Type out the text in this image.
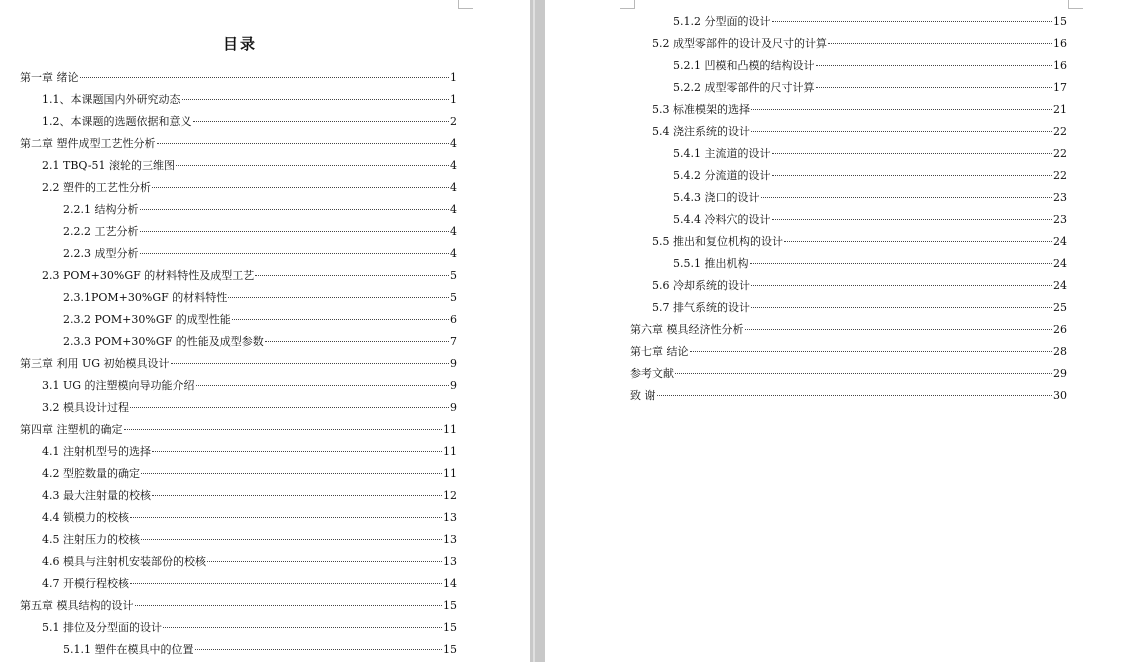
目录
第一章 绪论	1
1.1、本课题国内外研究动态	1
1.2、本课题的选题依据和意义	2
第二章 塑件成型工艺性分析	4
2.1 TBQ-51 滚轮的三维图	4
2.2 塑件的工艺性分析	4
2.2.1 结构分析	4
2.2.2 工艺分析	4
2.2.3 成型分析	4
2.3 POM+30%GF 的材料特性及成型工艺	5
2.3.1POM+30%GF 的材料特性	5
2.3.2 POM+30%GF 的成型性能	6
2.3.3 POM+30%GF 的性能及成型参数	7
第三章 利用 UG 初始模具设计	9
3.1 UG 的注塑模向导功能介绍	9
3.2 模具设计过程	9
第四章 注塑机的确定	11
4.1 注射机型号的选择	11
4.2 型腔数量的确定	11
4.3 最大注射量的校核	12
4.4 锁模力的校核	13
4.5 注射压力的校核	13
4.6 模具与注射机安装部份的校核	13
4.7 开模行程校核	14
第五章 模具结构的设计	15
5.1 排位及分型面的设计	15
5.1.1 塑件在模具中的位置	15
5.1.2 分型面的设计	15
5.2 成型零部件的设计及尺寸的计算	16
5.2.1 凹模和凸模的结构设计	16
5.2.2 成型零部件的尺寸计算	17
5.3 标准模架的选择	21
5.4 浇注系统的设计	22
5.4.1 主流道的设计	22
5.4.2 分流道的设计	22
5.4.3 浇口的设计	23
5.4.4 冷料穴的设计	23
5.5 推出和复位机构的设计	24
5.5.1 推出机构	24
5.6 冷却系统的设计	24
5.7 排气系统的设计	25
第六章 模具经济性分析	26
第七章 结论	28
参考文献	29
致 谢	30
